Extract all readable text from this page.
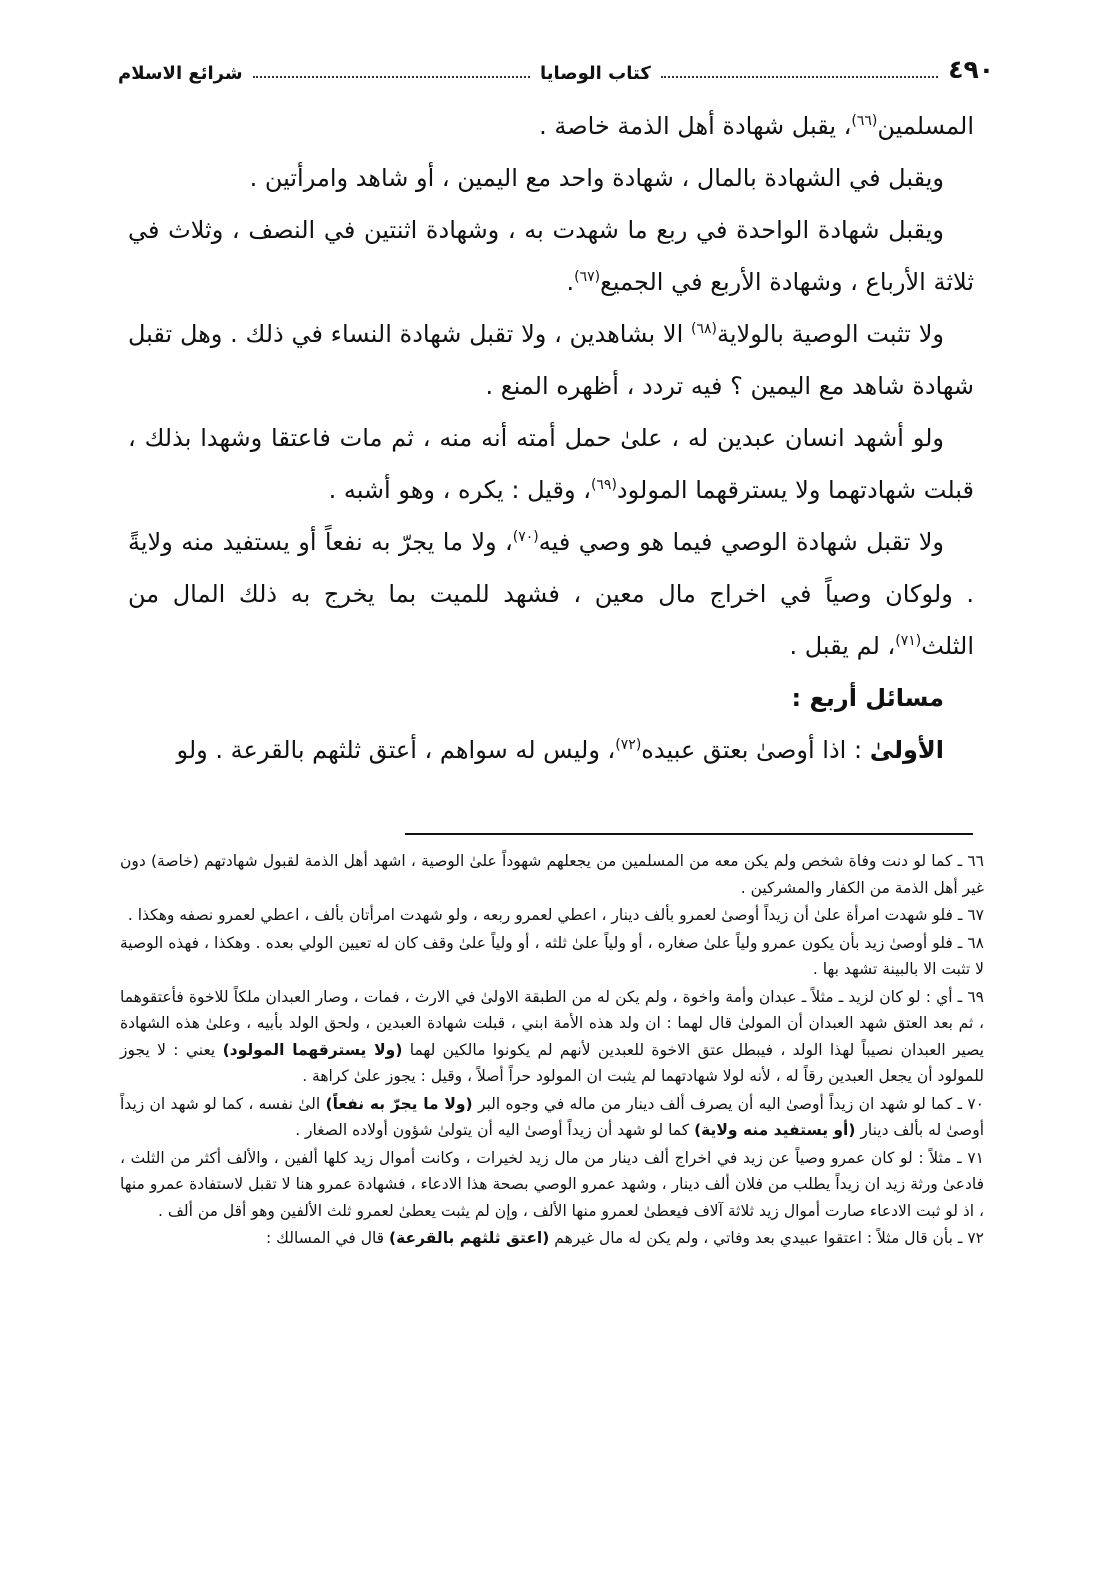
٤٩٠
كتاب الوصايا
شرائع الاسلام

المسلمين$^{(٦٦)}$، يقبل شهادة أهل الذمة خاصة .

ويقبل في الشهادة بالمال ، شهادة واحد مع اليمين ، أو شاهد وامرأتين .

ويقبل شهادة الواحدة في ربع ما شهدت به ، وشهادة اثنتين في النصف ، وثلاث في ثلاثة الأرباع ، وشهادة الأربع في الجميع$^{(٦٧)}$.

ولا تثبت الوصية بالولاية$^{(٦٨)}$ الا بشاهدين ، ولا تقبل شهادة النساء في ذلك . وهل تقبل شهادة شاهد مع اليمين ؟ فيه تردد ، أظهره المنع .

ولو أشهد انسان عبدين له ، علىٰ حمل أمته أنه منه ، ثم مات فاعتقا وشهدا بذلك ، قبلت شهادتهما ولا يسترقهما المولود$^{(٦٩)}$، وقيل : يكره ، وهو أشبه .

ولا تقبل شهادة الوصي فيما هو وصي فيه$^{(٧٠)}$، ولا ما يجرّ به نفعاً أو يستفيد منه ولايةً . ولوكان وصياً في اخراج مال معين ، فشهد للميت بما يخرج به ذلك المال من الثلث$^{(٧١)}$، لم يقبل .

مسائل أربع :

الأولىٰ : اذا أوصىٰ بعتق عبيده$^{(٧٢)}$، وليس له سواهم ، أعتق ثلثهم بالقرعة . ولو

٦٦ ـ كما لو دنت وفاة شخص ولم يكن معه من المسلمين من يجعلهم شهوداً علىٰ الوصية ، اشهد أهل الذمة لقبول شهادتهم (خاصة) دون غير أهل الذمة من الكفار والمشركين .

٦٧ ـ فلو شهدت امرأة علىٰ أن زيداً أوصىٰ لعمرو بألف دينار ، اعطي لعمرو ربعه ، ولو شهدت امرأتان بألف ، اعطي لعمرو نصفه وهكذا .

٦٨ ـ فلو أوصىٰ زيد بأن يكون عمرو ولياً علىٰ صغاره ، أو ولياً علىٰ ثلثه ، أو ولياً علىٰ وقف كان له تعيين الولي بعده . وهكذا ، فهذه الوصية لا تثبت الا بالبينة تشهد بها .

٦٩ ـ أي : لو كان لزيد ـ مثلاً ـ عبدان وأمة واخوة ، ولم يكن له من الطبقة الاولىٰ في الارث ، فمات ، وصار العبدان ملكاً للاخوة فأعتقوهما ، ثم بعد العتق شهد العبدان أن المولىٰ قال لهما : ان ولد هذه الأمة ابني ، قبلت شهادة العبدين ، ولحق الولد بأبيه ، وعلىٰ هذه الشهادة يصير العبدان نصيباً لهذا الولد ، فيبطل عتق الاخوة للعبدين لأنهم لم يكونوا مالكين لهما (ولا يسترقهما المولود) يعني : لا يجوز للمولود أن يجعل العبدين رقاً له ، لأنه لولا شهادتهما لم يثبت ان المولود حراً أصلاً ، وقيل : يجوز علىٰ كراهة .

٧٠ ـ كما لو شهد ان زيداً أوصىٰ اليه أن يصرف ألف دينار من ماله في وجوه البر (ولا ما يجرّ به نفعاً) الىٰ نفسه ، كما لو شهد ان زيداً أوصىٰ له بألف دينار (أو يستفيد منه ولاية) كما لو شهد أن زيداً أوصىٰ اليه أن يتولىٰ شؤون أولاده الصغار .

٧١ ـ مثلاً : لو كان عمرو وصياً عن زيد في اخراج ألف دينار من مال زيد لخيرات ، وكانت أموال زيد كلها ألفين ، والألف أكثر من الثلث ، فادعىٰ ورثة زيد ان زيداً يطلب من فلان ألف دينار ، وشهد عمرو الوصي بصحة هذا الادعاء ، فشهادة عمرو هنا لا تقبل لاستفادة عمرو منها ، اذ لو ثبت الادعاء صارت أموال زيد ثلاثة آلاف فيعطىٰ لعمرو منها الألف ، وإن لم يثبت يعطىٰ لعمرو ثلث الألفين وهو أقل من ألف .

٧٢ ـ بأن قال مثلاً : اعتقوا عبيدي بعد وفاتي ، ولم يكن له مال غيرهم (اعتق ثلثهم بالقرعة) قال في المسالك :
